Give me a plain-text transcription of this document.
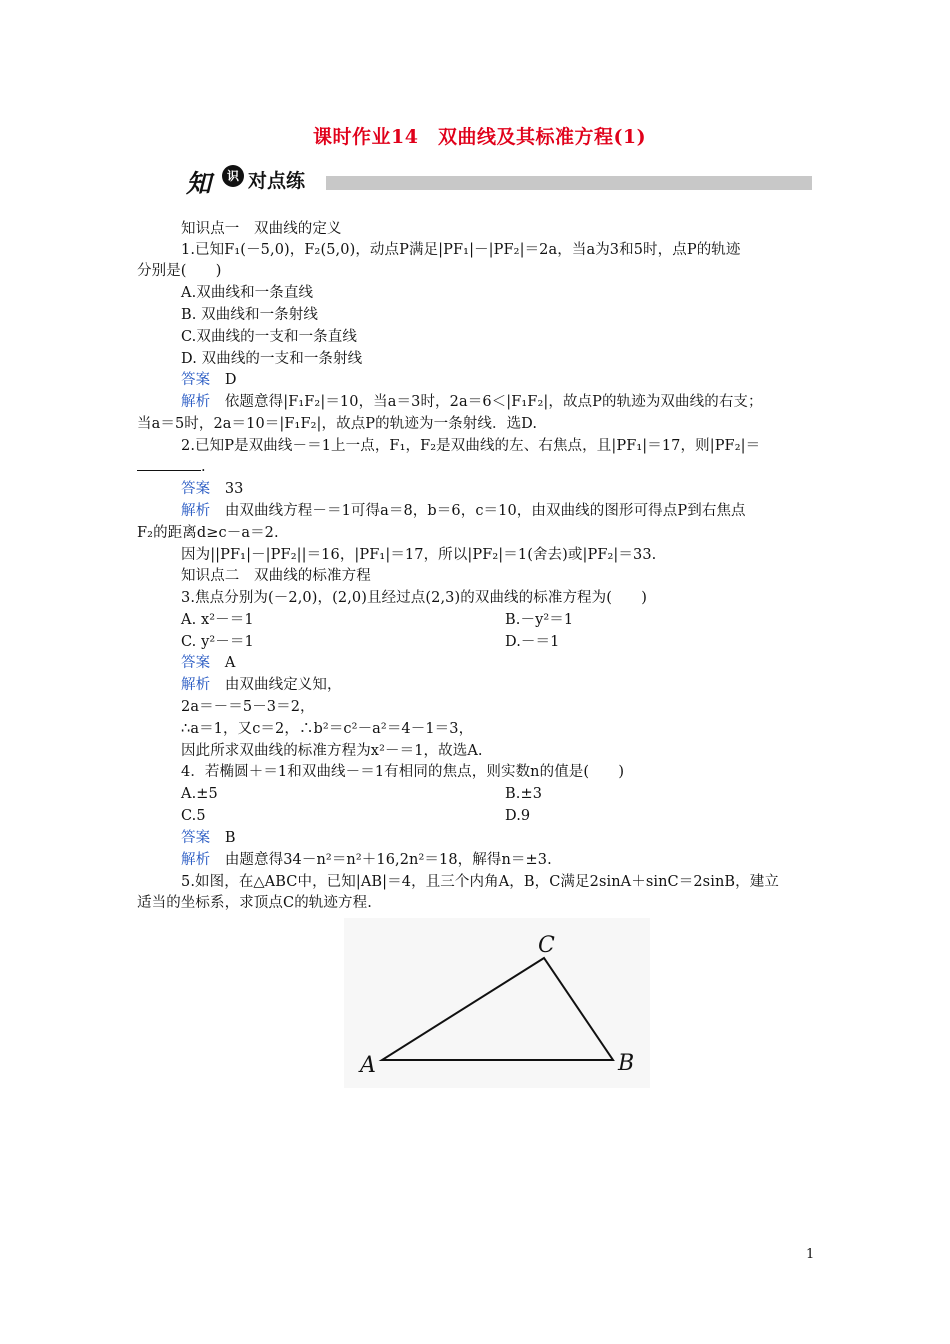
课时作业14　双曲线及其标准方程(1)
知	识 对点练
知识点一　双曲线的定义
1.已知F₁(－5,0)，F₂(5,0)，动点P满足|PF₁|－|PF₂|＝2a，当a为3和5时，点P的轨迹
分别是(　　)
A.双曲线和一条直线
B. 双曲线和一条射线
C.双曲线的一支和一条直线
D. 双曲线的一支和一条射线
答案　 D
解析　 依题意得|F₁F₂|＝10，当a＝3时，2a＝6＜|F₁F₂|，故点P的轨迹为双曲线的右支；
当a＝5时，2a＝10＝|F₁F₂|，故点P的轨迹为一条射线．选D.
2.已知P是双曲线－＝1上一点，F₁，F₂是双曲线的左、右焦点，且|PF₁|＝17，则|PF₂|＝
.
答案　 33
解析　 由双曲线方程－＝1可得a＝8，b＝6，c＝10，由双曲线的图形可得点P到右焦点
F₂的距离d≥c－a＝2.
因为||PF₁|－|PF₂||＝16，|PF₁|＝17，所以|PF₂|＝1(舍去)或|PF₂|＝33.
知识点二　双曲线的标准方程
3.焦点分别为(－2,0)，(2,0)且经过点(2,3)的双曲线的标准方程为(　　)
A. x²－＝1	B.－y²＝1
C. y²－＝1	D.－＝1
答案　 A
解析　 由双曲线定义知，
2a＝－＝5－3＝2，
∴a＝1，又c＝2，∴b²＝c²－a²＝4－1＝3，
因此所求双曲线的标准方程为x²－＝1，故选A.
4．若椭圆＋＝1和双曲线－＝1有相同的焦点，则实数n的值是(　　)
A.±5	B.±3
C.5	D.9
答案　 B
解析　 由题意得34－n²＝n²＋16,2n²＝18，解得n＝±3.
5.如图，在△ABC中，已知|AB|＝4，且三个内角A，B，C满足2sinA＋sinC＝2sinB，建立
适当的坐标系，求顶点C的轨迹方程.
A	B
C
1
